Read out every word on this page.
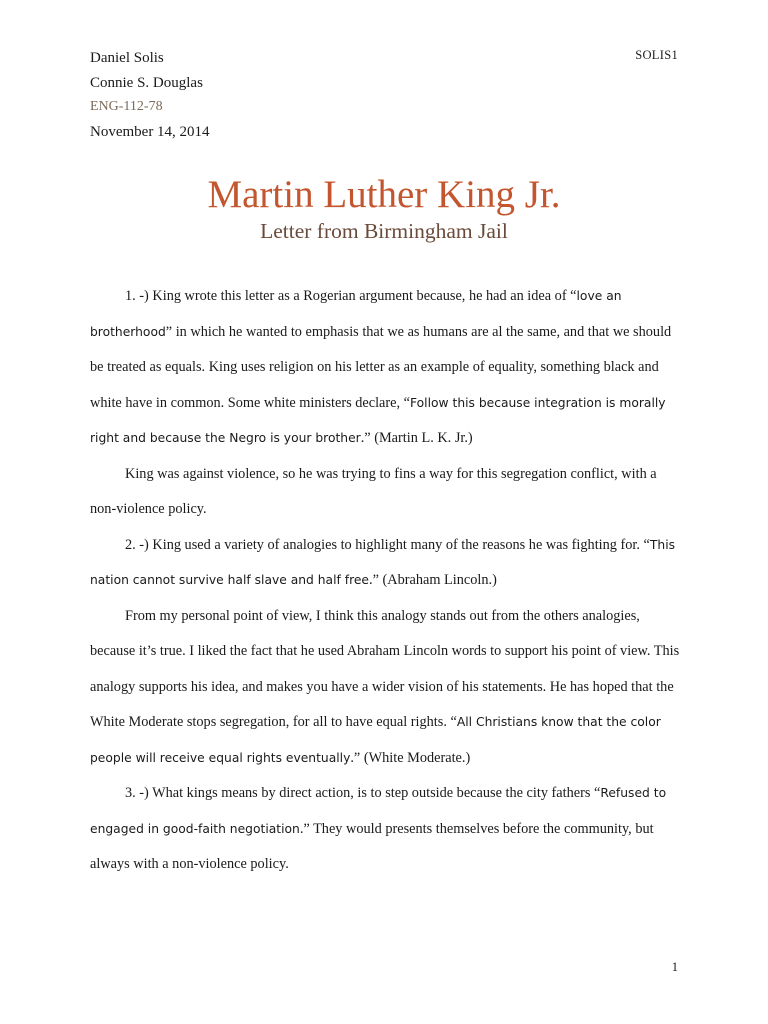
Daniel Solis
Connie S. Douglas
ENG-112-78
November 14, 2014
SOLIS1
Martin Luther King Jr.
Letter from Birmingham Jail

1. -) King wrote this letter as a Rogerian argument because, he had an idea of “love an brotherhood” in which he wanted to emphasis that we as humans are al the same, and that we should be treated as equals. King uses religion on his letter as an example of equality, something black and white have in common. Some white ministers declare, “Follow this because integration is morally right and because the Negro is your brother.” (Martin L. K. Jr.)

King was against violence, so he was trying to fins a way for this segregation conflict, with a non-violence policy.

2. -) King used a variety of analogies to highlight many of the reasons he was fighting for. “This nation cannot survive half slave and half free.” (Abraham Lincoln.)

From my personal point of view, I think this analogy stands out from the others analogies, because it’s true. I liked the fact that he used Abraham Lincoln words to support his point of view. This analogy supports his idea, and makes you have a wider vision of his statements. He has hoped that the White Moderate stops segregation, for all to have equal rights. “All Christians know that the color people will receive equal rights eventually.” (White Moderate.)

3. -) What kings means by direct action, is to step outside because the city fathers “Refused to engaged in good-faith negotiation.” They would presents themselves before the community, but always with a non-violence policy.

1
